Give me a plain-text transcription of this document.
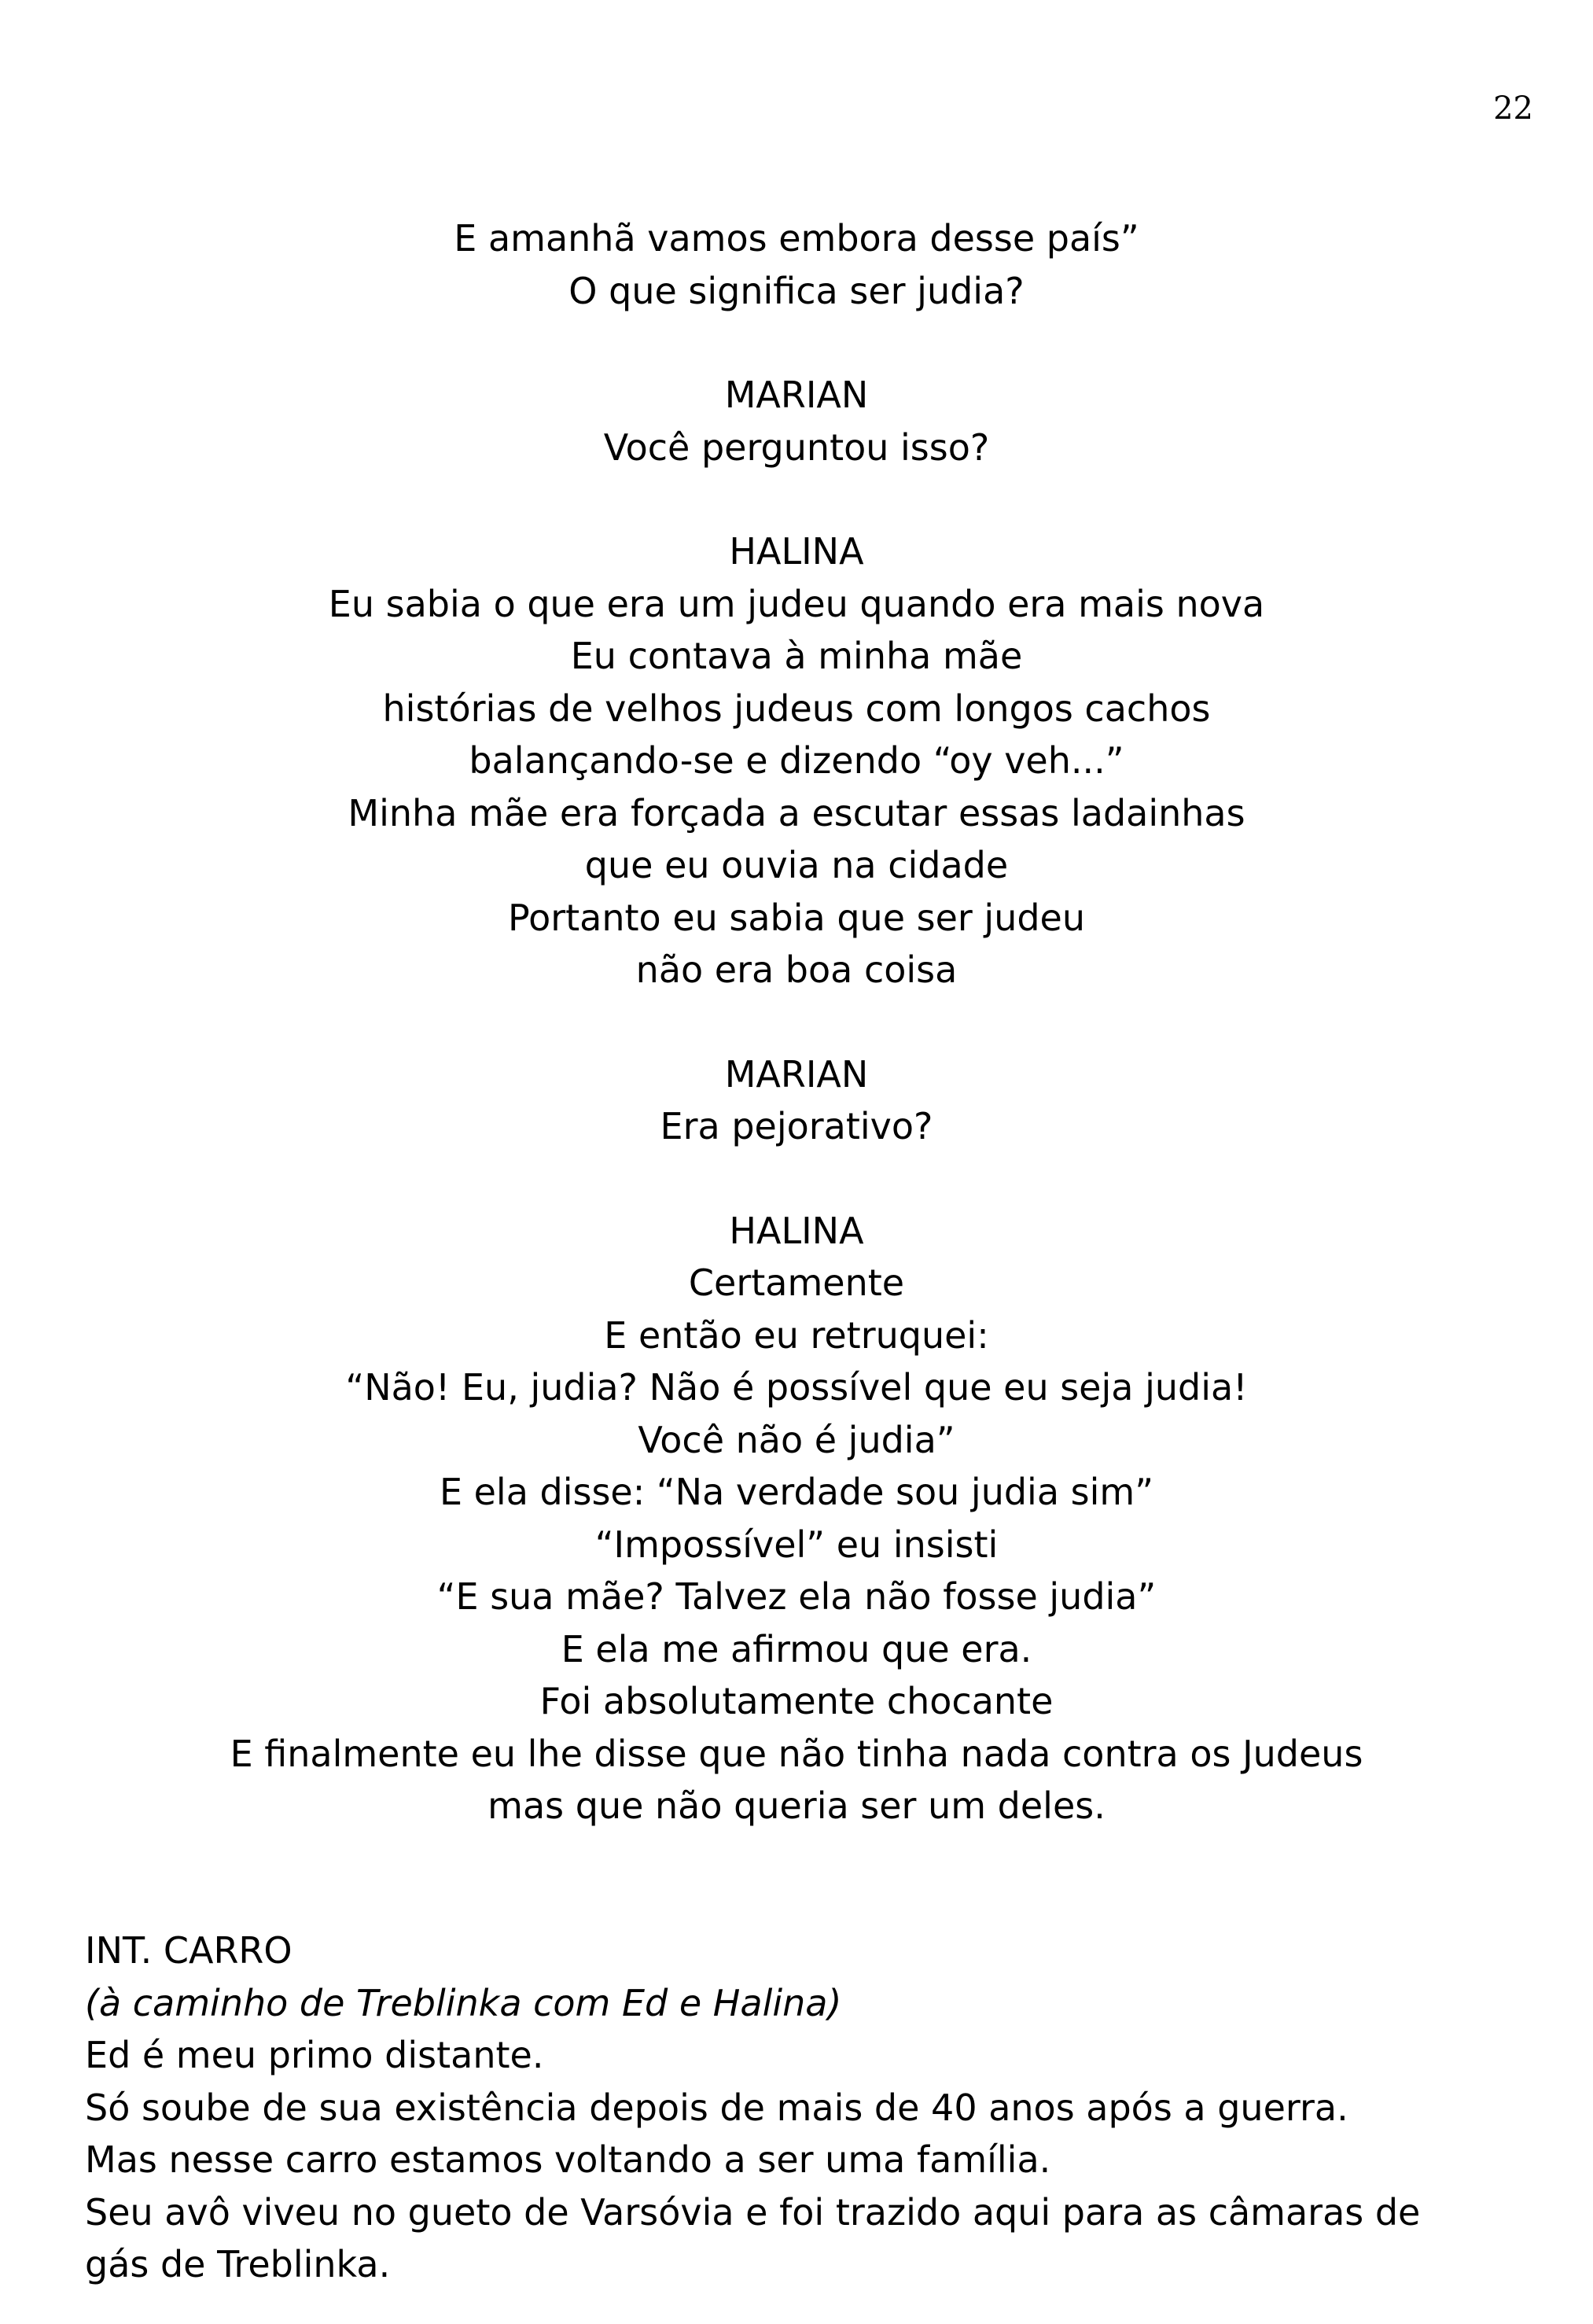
22
E amanhã vamos embora desse país”
O que significa ser judia?
MARIAN
Você perguntou isso?
HALINA
Eu sabia o que era um judeu quando era mais nova
Eu contava à minha mãe
histórias de velhos judeus com longos cachos
balançando-se e dizendo “oy veh...”
Minha mãe era forçada a escutar essas ladainhas
que eu ouvia na cidade
Portanto eu sabia que ser judeu
não era boa coisa
MARIAN
Era pejorativo?
HALINA
Certamente
E então eu retruquei:
“Não! Eu, judia? Não é possível que eu seja judia!
Você não é judia”
E ela disse: “Na verdade sou judia sim”
“Impossível” eu insisti
“E sua mãe? Talvez ela não fosse judia”
E ela me afirmou que era.
Foi absolutamente chocante
E finalmente eu lhe disse que não tinha nada contra os Judeus
mas que não queria ser um deles.
INT. CARRO
(à caminho de Treblinka com Ed e Halina)
Ed é meu primo distante.
Só soube de sua existência depois de mais de 40 anos após a guerra.
Mas nesse carro estamos voltando a ser uma família.
Seu avô viveu no gueto de Varsóvia e foi trazido aqui para as câmaras de
gás de Treblinka.
